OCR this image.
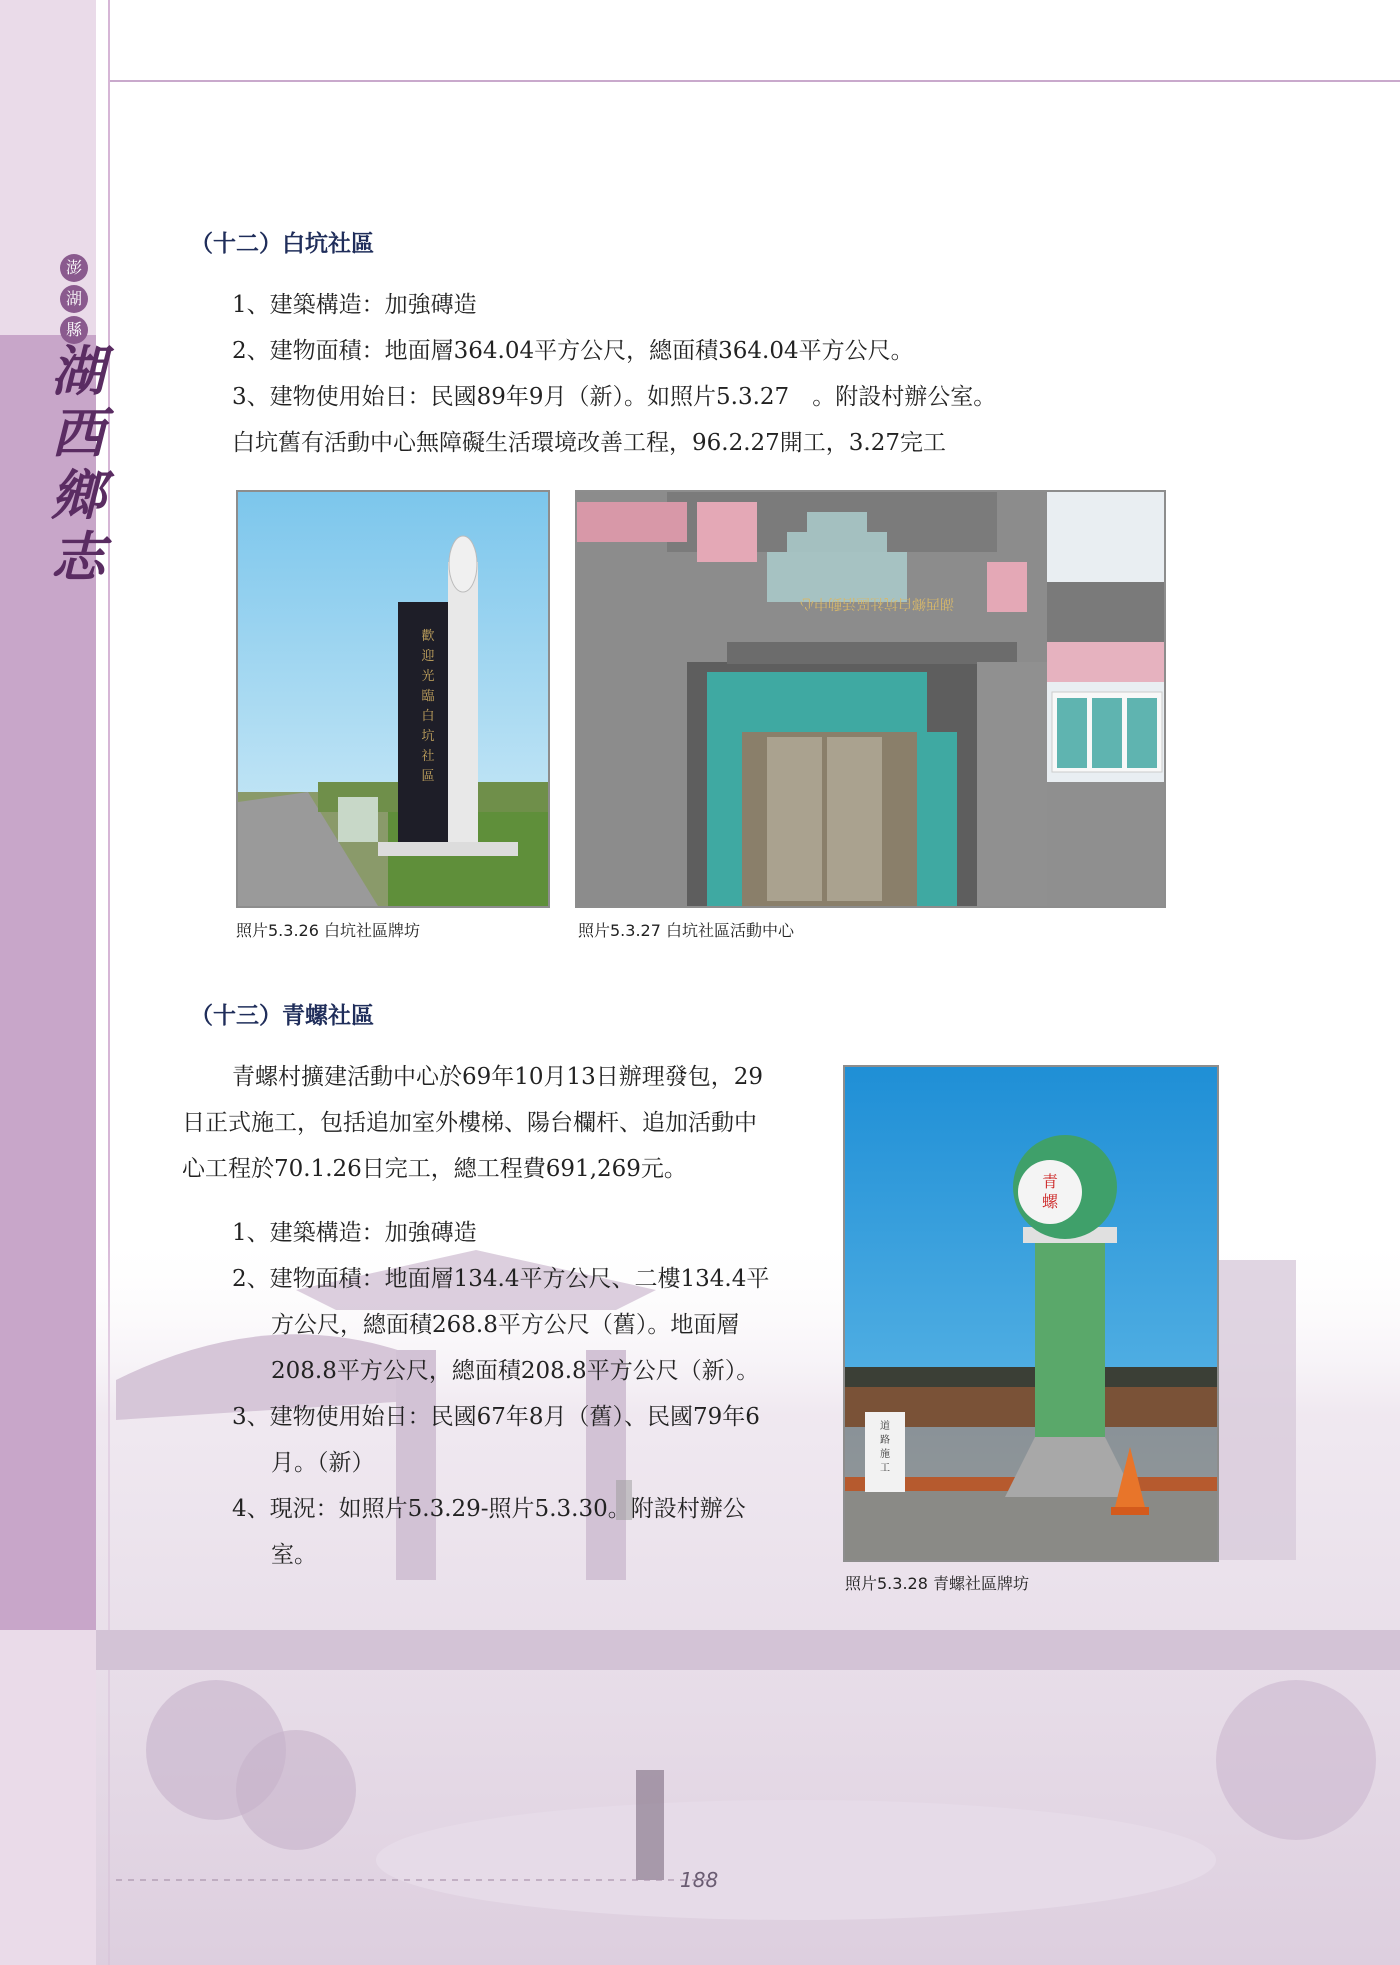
澎
湖
縣
湖
西
鄉
志
（十二）白坑社區
1、建築構造：加強磚造
2、建物面積：地面層364.04平方公尺，總面積364.04平方公尺。
3、建物使用始日：民國89年9月（新）。如照片5.3.27　。附設村辦公室。
白坑舊有活動中心無障礙生活環境改善工程，96.2.27開工，3.27完工
歡
迎
光
臨
白
坑
社
區
照片5.3.26 白坑社區牌坊
湖西鄉白坑社區活動中心
照片5.3.27 白坑社區活動中心
（十三）青螺社區
青螺村擴建活動中心於69年10月13日辦理發包，29
日正式施工，包括追加室外樓梯、陽台欄杆、追加活動中
心工程於70.1.26日完工，總工程費691,269元。
1、建築構造：加強磚造
2、建物面積：地面層134.4平方公尺、二樓134.4平
方公尺，總面積268.8平方公尺（舊）。地面層
208.8平方公尺，總面積208.8平方公尺（新）。
3、建物使用始日：民國67年8月（舊）、民國79年6
月。（新）
4、現況：如照片5.3.29-照片5.3.30。附設村辦公
室。
青
螺
道
路
施
工
照片5.3.28 青螺社區牌坊
188
